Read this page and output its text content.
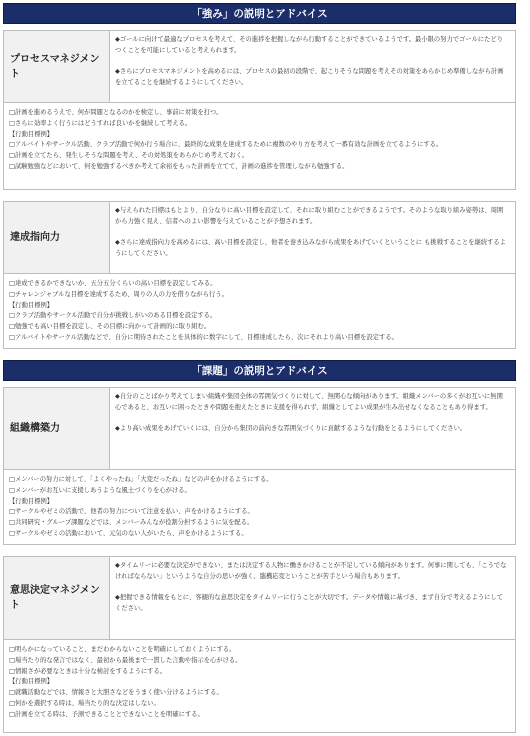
「強み」の説明とアドバイス
プロセスマネジメント

◆ゴールに向けて最適なプロセスを考えて、その進捗を把握しながら行動することができているようです。最小限の努力でゴールにたどりつくことを可能にしていると考えられます。

◆さらにプロセスマネジメントを高めるには、プロセスの最初の段階で、起こりそうな問題を考えその対策をあらかじめ準備しながら計画を立てることを継続するようにしてください。

□計画を進めるうえで、何が問題となるのかを検定し、事前に対策を打つ。
□さらに効率よく行うにはどうすれば良いかを継続して考える。
【行動目標例】
□アルバイトやサークル活動、クラブ活動で何か行う場合に、最終的な成果を達成するために複数のやり方を考えて一番有効な計画を立てるようにする。
□計画を立てたら、発生しそうな問題を考え、その対処策をあらかじめ考えておく。
□試験勉強などにおいて、何を勉強するべきか考えて余裕をもった計画を立てて、計画の進捗を管理しながら勉強する。
達成指向力

◆与えられた目標はもとより、自分なりに高い目標を設定して、それに取り組むことができるようです。そのような取り組み姿勢は、周囲から力強く見え、信者へのよい影響を与えていることが予想されます。

◆さらに達成指向力を高めるには、高い目標を設定し、他者を巻き込みながら成果をあげていくということに も挑戦することを継続するようにしてください。

□達成できるかできないか、五分五分くらいの高い目標を設定してみる。
□チャレンジャブルな目標を達成するため、周りの人の力を借りながら行う。
【行動目標例】
□クラブ活動やサークル活動で自分が挑戦しがいのある目標を設定する。
□勉強でも高い目標を設定し、その目標に向かって計画的に取り組む。
□アルバイトやサークル活動などで、自分に期待されたことを具体的に数字にして、目標達成したら、次にそれより高い目標を設定する。
「課題」の説明とアドバイス
組織構築力

◆自分のことばかり考えてしまい組織や集団全体の雰囲気づくりに対して、無関心な傾向があります。組織メンバーの多くがお互いに無関心であると、お互いに困ったときや問題を抱えたときに支援を得られず、組織としてよい成果が生み出せなくなることもあり得ます。

◆より高い成果をあげていくには、自分から集団の前向きな雰囲気づくりに貢献するような行動をとるようにしてください。

□メンバーの努力に対して、「よくやったね」「大変だったね」などの声をかけるようにする。
□メンバーがお互いに支援しあうような風土づくりを心がける。
【行動目標例】
□サークルやゼミの活動で、他者の努力について注意を払い、声をかけるようにする。
□共同研究・グループ課題などでは、メンバーみんなが役割分担するように気を配る。
□サークルやゼミの活動において、元気のない人がいたら、声をかけるようにする。
意思決定マネジメント

◆タイムリーに必要な決定ができない、または決定する人物に働きかけることが不足している傾向があります。何事に関しても、「こうでなければならない」というような自分の思いが強く、臨機応変ということが苦手という場合もあります。

◆把握できる情報をもとに、客観的な意思決定をタイムリーに行うことが大切です。データや情報に基づき、まず自分で考えるようにしてください。

□明らかになっていること、まだわからないことを明確にしておくようにする。
□場当たり的な発言ではなく、最初から最後まで一貫した言動や指示を心がける。
□情報さが必要なときは十分な検討をするようにする。
【行動目標例】
□就職活動などでは、情報さと大胆さなどをうまく使い分けるようにする。
□何かを選択する時は、場当たり的な決定はしない。
□計画を立てる時は、予測できることとできないことを明確にする。
